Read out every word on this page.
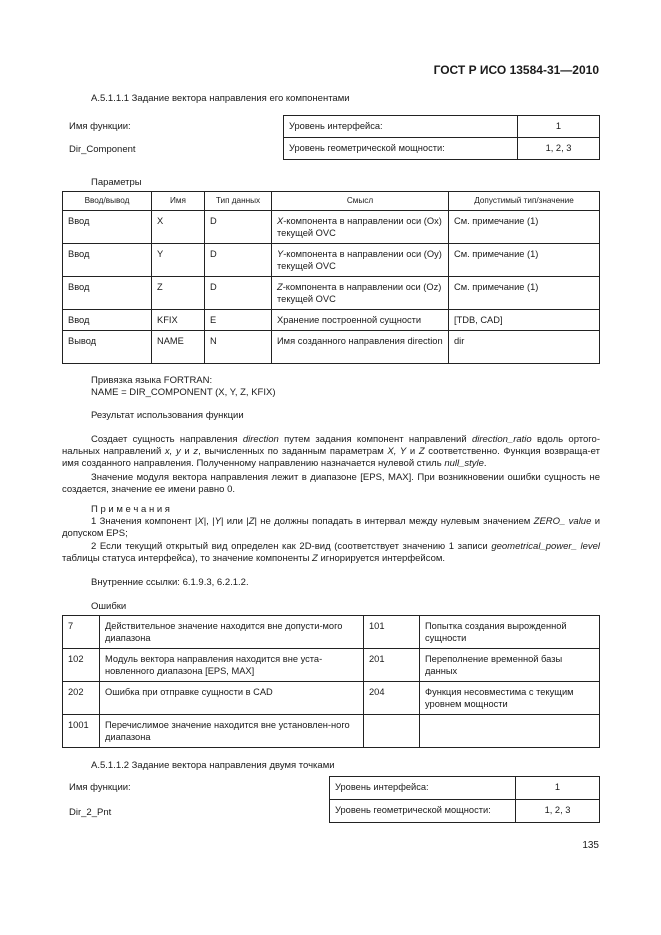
ГОСТ Р ИСО 13584-31—2010
А.5.1.1.1 Задание вектора направления его компонентами
Имя функции:
Dir_Component
Уровень интерфейса:	1
Уровень геометрической мощности:	1, 2, 3
Параметры
Ввод/вывод	Имя	Тип данных	Смысл	Допустимый тип/значение
Ввод	X	D	X-компонента в направлении оси (Ox) текущей OVC	См. примечание (1)
Ввод	Y	D	Y-компонента в направлении оси (Oy) текущей OVC	См. примечание (1)
Ввод	Z	D	Z-компонента в направлении оси (Oz) текущей OVC	См. примечание (1)
Ввод	KFIX	E	Хранение построенной сущности	[TDB, CAD]
Вывод	NAME	N	Имя созданного направления direction	dir
Привязка языка FORTRAN:
NAME = DIR_COMPONENT (X, Y, Z, KFIX)
Результат использования функции
Создает сущность направления direction путем задания компонент направлений direction_ratio вдоль ортого-нальных направлений x, y и z, вычисленных по заданным параметрам X, Y и Z соответственно. Функция возвраща-ет имя созданного направления. Полученному направлению назначается нулевой стиль null_style.
Значение модуля вектора направления лежит в диапазоне [EPS, MAX]. При возникновении ошибки сущность не создается, значение ее имени равно 0.
П р и м е ч а н и я
1 Значения компонент |X|, |Y| или |Z| не должны попадать в интервал между нулевым значением ZERO_ value и допуском EPS;
2 Если текущий открытый вид определен как 2D-вид (соответствует значению 1 записи geometrical_power_ level таблицы статуса интерфейса), то значение компоненты Z игнорируется интерфейсом.
Внутренние ссылки: 6.1.9.3, 6.2.1.2.
Ошибки
7	Действительное значение находится вне допусти-мого диапазона	101	Попытка создания вырожденной сущности
102	Модуль вектора направления находится вне уста-новленного диапазона [EPS, MAX]	201	Переполнение временной базы данных
202	Ошибка при отправке сущности в CAD	204	Функция несовместима с текущим уровнем мощности
1001	Перечислимое значение находится вне установлен-ного диапазона		
А.5.1.1.2 Задание вектора направления двумя точками
Имя функции:
Dir_2_Pnt
Уровень интерфейса:	1
Уровень геометрической мощности:	1, 2, 3
135
